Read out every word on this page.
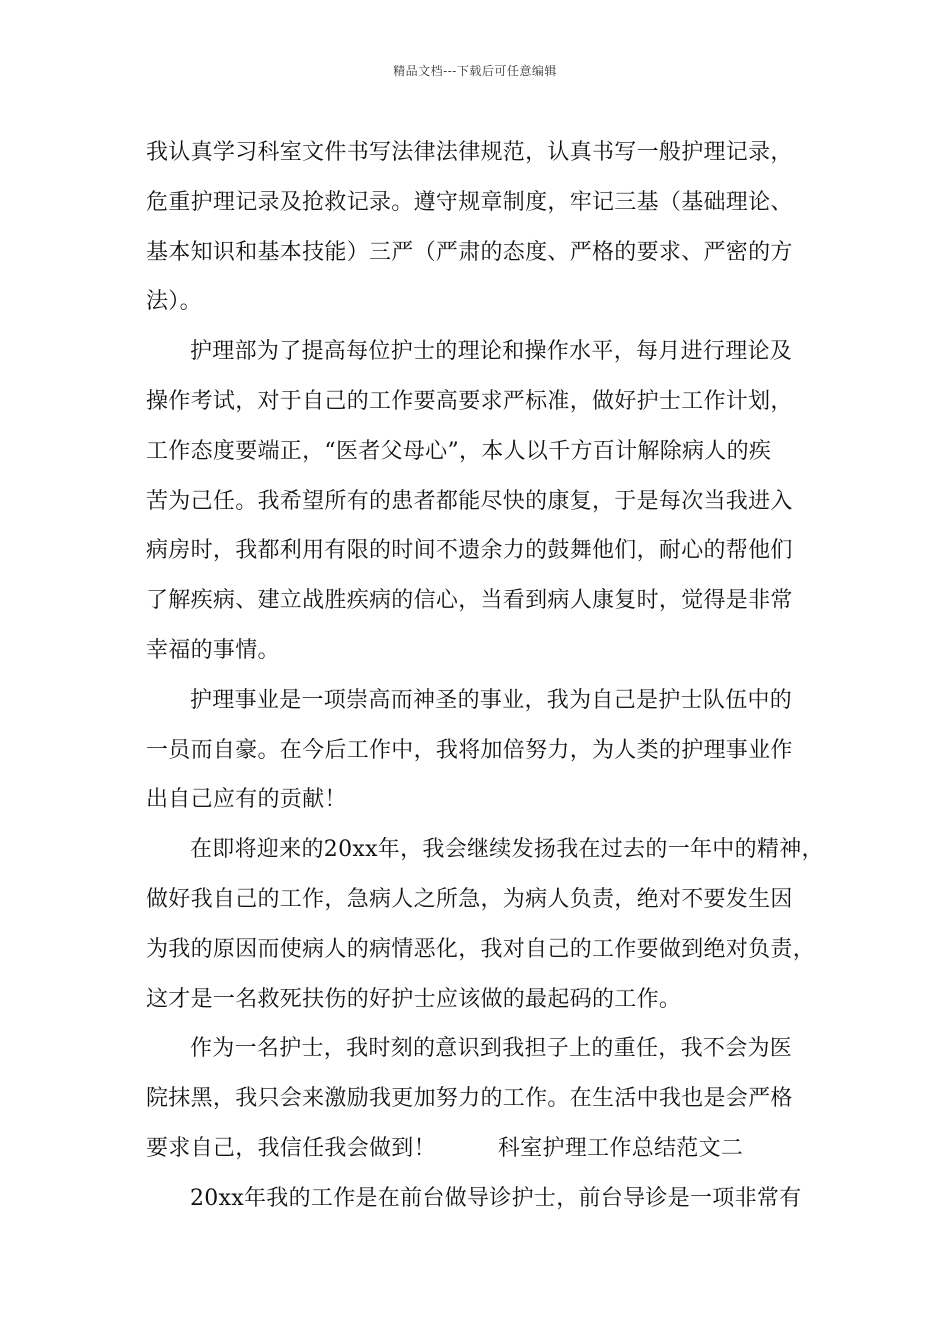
精品文档---下载后可任意编辑
我认真学习科室文件书写法律法律规范，认真书写一般护理记录，
危重护理记录及抢救记录。遵守规章制度，牢记三基（基础理论、
基本知识和基本技能）三严（严肃的态度、严格的要求、严密的方
法）。
护理部为了提高每位护士的理论和操作水平，每月进行理论及
操作考试，对于自己的工作要高要求严标准，做好护士工作计划，
工作态度要端正，“医者父母心”，本人以千方百计解除病人的疾
苦为己任。我希望所有的患者都能尽快的康复，于是每次当我进入
病房时，我都利用有限的时间不遗余力的鼓舞他们，耐心的帮他们
了解疾病、建立战胜疾病的信心，当看到病人康复时，觉得是非常
幸福的事情。
护理事业是一项崇高而神圣的事业，我为自己是护士队伍中的
一员而自豪。在今后工作中，我将加倍努力，为人类的护理事业作
出自己应有的贡献！
在即将迎来的20xx年，我会继续发扬我在过去的一年中的精神，
做好我自己的工作，急病人之所急，为病人负责，绝对不要发生因
为我的原因而使病人的病情恶化，我对自己的工作要做到绝对负责，
这才是一名救死扶伤的好护士应该做的最起码的工作。
作为一名护士，我时刻的意识到我担子上的重任，我不会为医
院抹黑，我只会来激励我更加努力的工作。在生活中我也是会严格
要求自己，我信任我会做到！	科室护理工作总结范文二
20xx年我的工作是在前台做导诊护士，前台导诊是一项非常有
